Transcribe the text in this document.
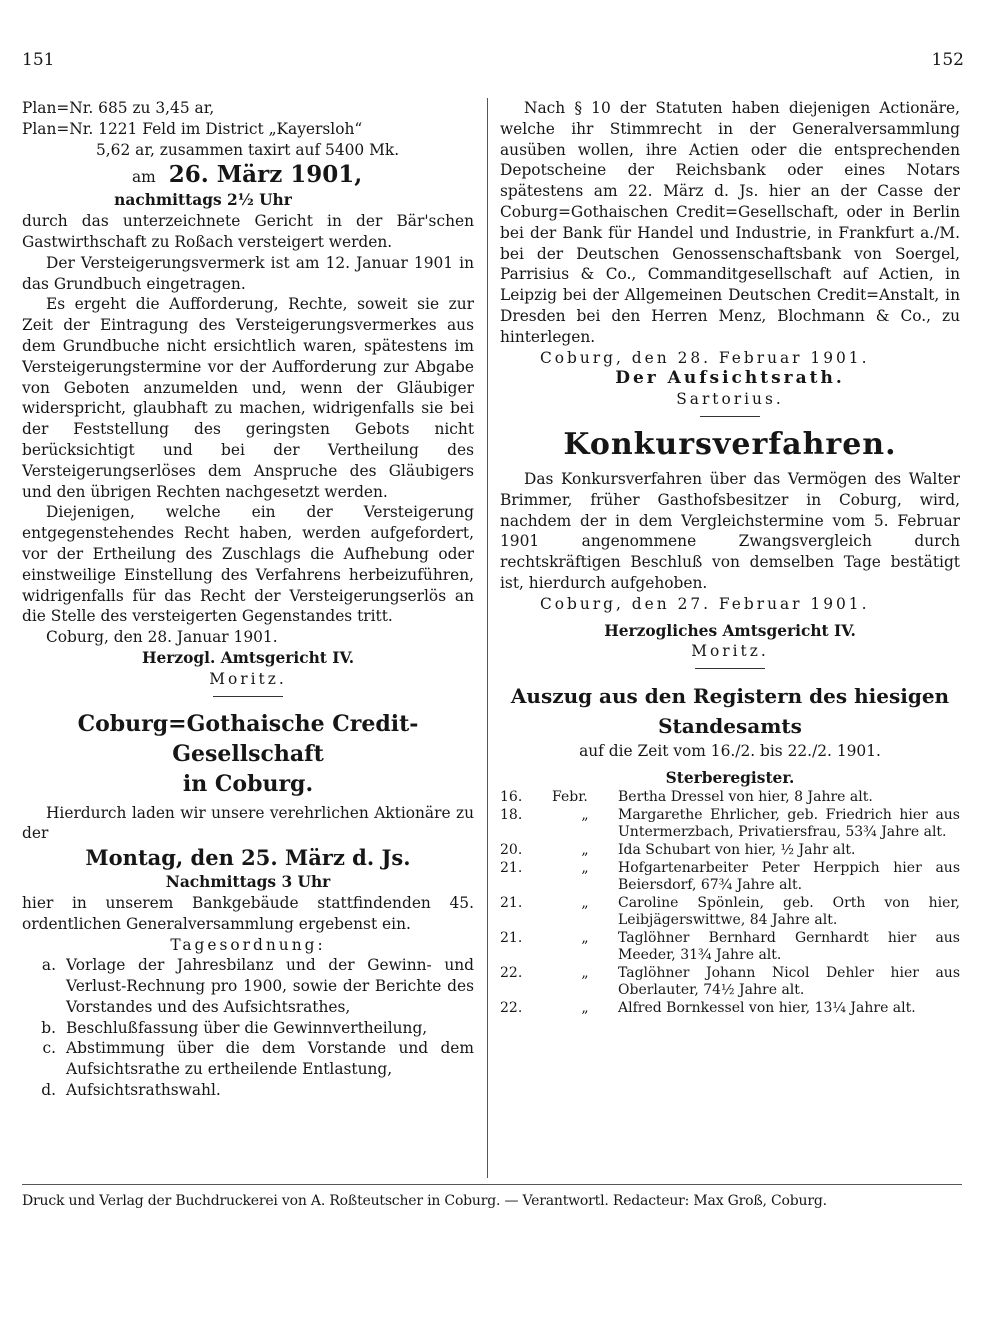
151	152

Plan=Nr. 685 zu 3,45 ar,

Plan=Nr. 1221 Feld im District „Kayersloh“

5,62 ar, zusammen taxirt auf 5400 Mk.

am 26. März 1901,

nachmittags 2½ Uhr

durch das unterzeichnete Gericht in der Bär'schen Gastwirthschaft zu Roßach versteigert werden.

Der Versteigerungsvermerk ist am 12. Januar 1901 in das Grundbuch eingetragen.

Es ergeht die Aufforderung, Rechte, soweit sie zur Zeit der Eintragung des Versteigerungsvermerkes aus dem Grundbuche nicht ersichtlich waren, spätestens im Versteigerungstermine vor der Aufforderung zur Abgabe von Geboten anzumelden und, wenn der Gläubiger widerspricht, glaubhaft zu machen, widrigenfalls sie bei der Feststellung des geringsten Gebots nicht berücksichtigt und bei der Vertheilung des Versteigerungserlöses dem Anspruche des Gläubigers und den übrigen Rechten nachgesetzt werden.

Diejenigen, welche ein der Versteigerung entgegenstehendes Recht haben, werden aufgefordert, vor der Ertheilung des Zuschlags die Aufhebung oder einstweilige Einstellung des Verfahrens herbeizuführen, widrigenfalls für das Recht der Versteigerungserlös an die Stelle des versteigerten Gegenstandes tritt.

Coburg, den 28. Januar 1901.

Herzogl. Amtsgericht IV.

Moritz.

Coburg=Gothaische Credit-Gesellschaft

in Coburg.

Hierdurch laden wir unsere verehrlichen Aktionäre zu der

Montag, den 25. März d. Js.

Nachmittags 3 Uhr

hier in unserem Bankgebäude stattfindenden 45. ordentlichen Generalversammlung ergebenst ein.

Tagesordnung:

a. Vorlage der Jahresbilanz und der Gewinn- und Verlust-Rechnung pro 1900, sowie der Berichte des Vorstandes und des Aufsichtsrathes,
b. Beschlußfassung über die Gewinnvertheilung,
c. Abstimmung über die dem Vorstande und dem Aufsichtsrathe zu ertheilende Entlastung,
d. Aufsichtsrathswahl.

Nach § 10 der Statuten haben diejenigen Actionäre, welche ihr Stimmrecht in der Generalversammlung ausüben wollen, ihre Actien oder die entsprechenden Depotscheine der Reichsbank oder eines Notars spätestens am 22. März d. Js. hier an der Casse der Coburg=Gothaischen Credit=Gesellschaft, oder in Berlin bei der Bank für Handel und Industrie, in Frankfurt a./M. bei der Deutschen Genossenschaftsbank von Soergel, Parrisius & Co., Commanditgesellschaft auf Actien, in Leipzig bei der Allgemeinen Deutschen Credit=Anstalt, in Dresden bei den Herren Menz, Blochmann & Co., zu hinterlegen.

Coburg, den 28. Februar 1901.

Der Aufsichtsrath.

Sartorius.

Konkursverfahren.

Das Konkursverfahren über das Vermögen des Walter Brimmer, früher Gasthofsbesitzer in Coburg, wird, nachdem der in dem Vergleichstermine vom 5. Februar 1901 angenommene Zwangsvergleich durch rechtskräftigen Beschluß von demselben Tage bestätigt ist, hierdurch aufgehoben.

Coburg, den 27. Februar 1901.

Herzogliches Amtsgericht IV.

Moritz.

Auszug aus den Registern des hiesigen

Standesamts

auf die Zeit vom 16./2. bis 22./2. 1901.

Sterberegister.

16.	Febr.	Bertha Dressel von hier, 8 Jahre alt.
18.	„	Margarethe Ehrlicher, geb. Friedrich hier aus Untermerzbach, Privatiersfrau, 53¾ Jahre alt.
20.	„	Ida Schubart von hier, ½ Jahr alt.
21.	„	Hofgartenarbeiter Peter Herppich hier aus Beiersdorf, 67¾ Jahre alt.
21.	„	Caroline Spönlein, geb. Orth von hier, Leibjägerswittwe, 84 Jahre alt.
21.	„	Taglöhner Bernhard Gernhardt hier aus Meeder, 31¾ Jahre alt.
22.	„	Taglöhner Johann Nicol Dehler hier aus Oberlauter, 74½ Jahre alt.
22.	„	Alfred Bornkessel von hier, 13¼ Jahre alt.
Druck und Verlag der Buchdruckerei von A. Roßteutscher in Coburg. — Verantwortl. Redacteur: Max Groß, Coburg.
